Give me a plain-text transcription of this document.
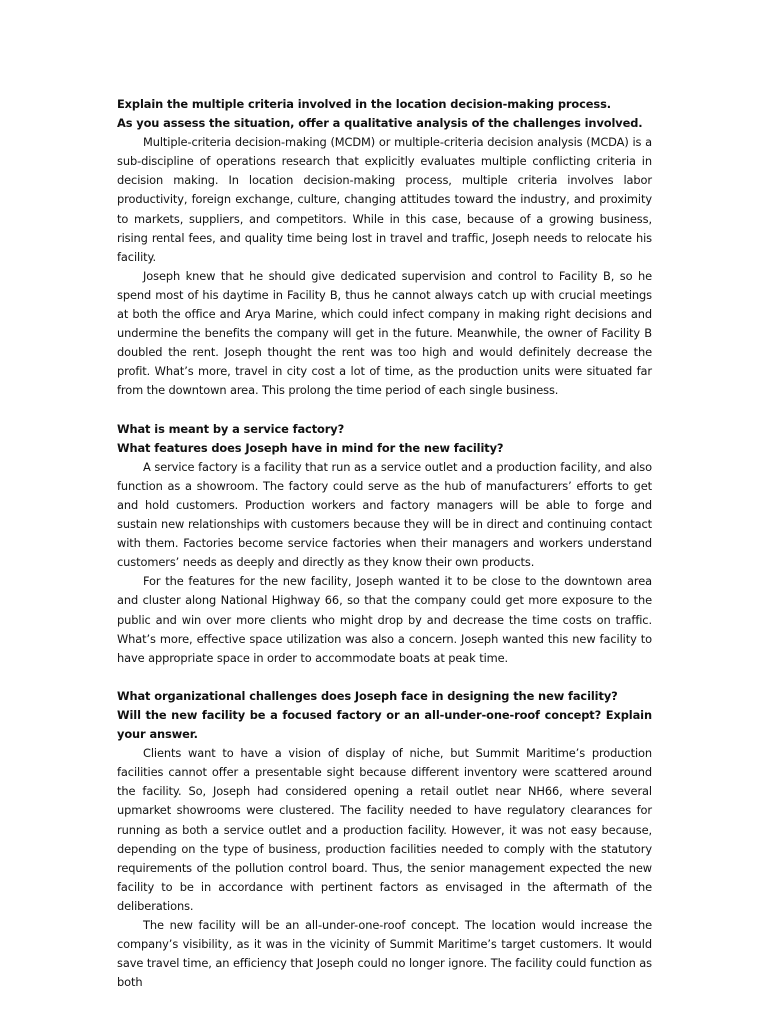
Explain the multiple criteria involved in the location decision-making process.

As you assess the situation, offer a qualitative analysis of the challenges involved.

Multiple-criteria decision-making (MCDM) or multiple-criteria decision analysis (MCDA) is a sub-discipline of operations research that explicitly evaluates multiple conflicting criteria in decision making. In location decision-making process, multiple criteria involves labor productivity, foreign exchange, culture, changing attitudes toward the industry, and proximity to markets, suppliers, and competitors. While in this case, because of a growing business, rising rental fees, and quality time being lost in travel and traffic, Joseph needs to relocate his facility.

Joseph knew that he should give dedicated supervision and control to Facility B, so he spend most of his daytime in Facility B, thus he cannot always catch up with crucial meetings at both the office and Arya Marine, which could infect company in making right decisions and undermine the benefits the company will get in the future. Meanwhile, the owner of Facility B doubled the rent. Joseph thought the rent was too high and would definitely decrease the profit. What’s more, travel in city cost a lot of time, as the production units were situated far from the downtown area. This prolong the time period of each single business.

What is meant by a service factory?

What features does Joseph have in mind for the new facility?

A service factory is a facility that run as a service outlet and a production facility, and also function as a showroom. The factory could serve as the hub of manufacturers’ efforts to get and hold customers. Production workers and factory managers will be able to forge and sustain new relationships with customers because they will be in direct and continuing contact with them. Factories become service factories when their managers and workers understand customers’ needs as deeply and directly as they know their own products.

For the features for the new facility, Joseph wanted it to be close to the downtown area and cluster along National Highway 66, so that the company could get more exposure to the public and win over more clients who might drop by and decrease the time costs on traffic. What’s more, effective space utilization was also a concern. Joseph wanted this new facility to have appropriate space in order to accommodate boats at peak time.

What organizational challenges does Joseph face in designing the new facility?

Will the new facility be a focused factory or an all-under-one-roof concept? Explain your answer.

Clients want to have a vision of display of niche, but Summit Maritime’s production facilities cannot offer a presentable sight because different inventory were scattered around the facility. So, Joseph had considered opening a retail outlet near NH66, where several upmarket showrooms were clustered. The facility needed to have regulatory clearances for running as both a service outlet and a production facility. However, it was not easy because, depending on the type of business, production facilities needed to comply with the statutory requirements of the pollution control board. Thus, the senior management expected the new facility to be in accordance with pertinent factors as envisaged in the aftermath of the deliberations.

The new facility will be an all-under-one-roof concept. The location would increase the company’s visibility, as it was in the vicinity of Summit Maritime’s target customers. It would save travel time, an efficiency that Joseph could no longer ignore. The facility could function as both
